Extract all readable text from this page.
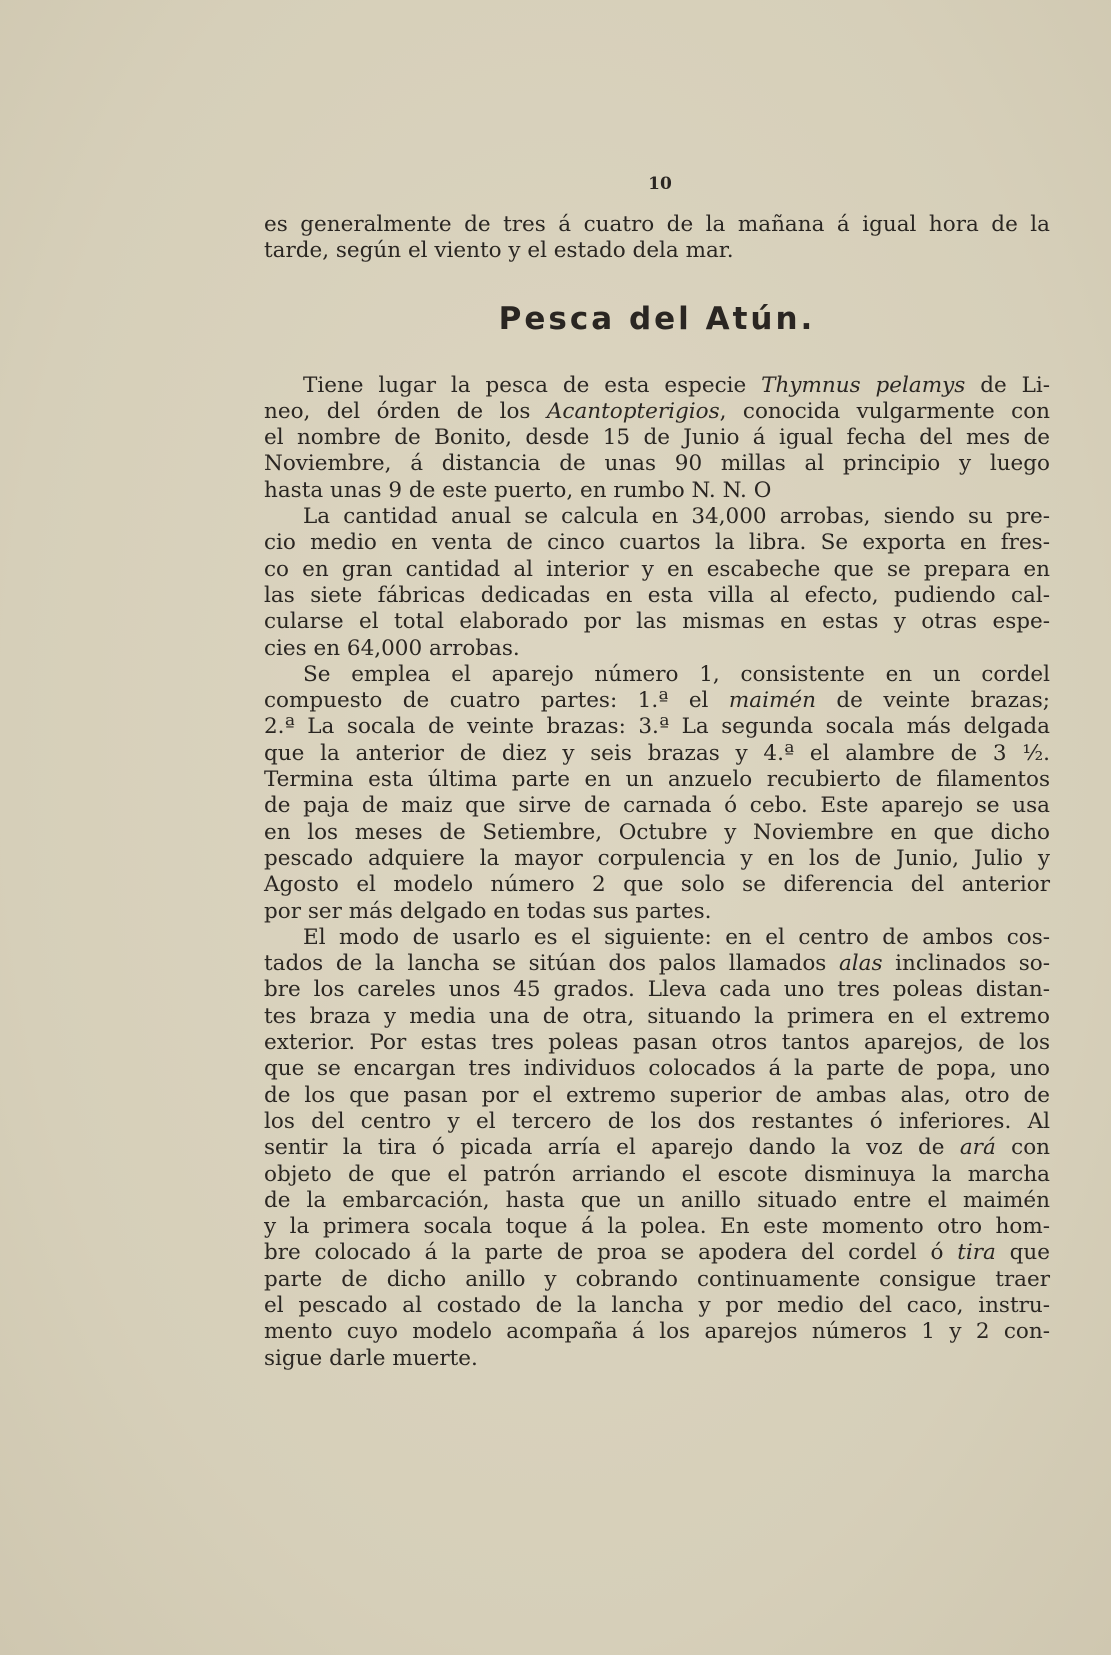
10
es generalmente de tres á cuatro de la mañana á igual hora de la
tarde, según el viento y el estado dela mar.
Pesca del Atún.
Tiene lugar la pesca de esta especie Thymnus pelamys de Li-
neo, del órden de los Acantopterigios, conocida vulgarmente con
el nombre de Bonito, desde 15 de Junio á igual fecha del mes de
Noviembre, á distancia de unas 90 millas al principio y luego
hasta unas 9 de este puerto, en rumbo N. N. O
La cantidad anual se calcula en 34,000 arrobas, siendo su pre-
cio medio en venta de cinco cuartos la libra. Se exporta en fres-
co en gran cantidad al interior y en escabeche que se prepara en
las siete fábricas dedicadas en esta villa al efecto, pudiendo cal-
cularse el total elaborado por las mismas en estas y otras espe-
cies en 64,000 arrobas.
Se emplea el aparejo número 1, consistente en un cordel
compuesto de cuatro partes: 1.ª el maimén de veinte brazas;
2.ª La socala de veinte brazas: 3.ª La segunda socala más delgada
que la anterior de diez y seis brazas y 4.ª el alambre de 3 ½.
Termina esta última parte en un anzuelo recubierto de filamentos
de paja de maiz que sirve de carnada ó cebo. Este aparejo se usa
en los meses de Setiembre, Octubre y Noviembre en que dicho
pescado adquiere la mayor corpulencia y en los de Junio, Julio y
Agosto el modelo número 2 que solo se diferencia del anterior
por ser más delgado en todas sus partes.
El modo de usarlo es el siguiente: en el centro de ambos cos-
tados de la lancha se sitúan dos palos llamados alas inclinados so-
bre los careles unos 45 grados. Lleva cada uno tres poleas distan-
tes braza y media una de otra, situando la primera en el extremo
exterior. Por estas tres poleas pasan otros tantos aparejos, de los
que se encargan tres individuos colocados á la parte de popa, uno
de los que pasan por el extremo superior de ambas alas, otro de
los del centro y el tercero de los dos restantes ó inferiores. Al
sentir la tira ó picada arría el aparejo dando la voz de ará con
objeto de que el patrón arriando el escote disminuya la marcha
de la embarcación, hasta que un anillo situado entre el maimén
y la primera socala toque á la polea. En este momento otro hom-
bre colocado á la parte de proa se apodera del cordel ó tira que
parte de dicho anillo y cobrando continuamente consigue traer
el pescado al costado de la lancha y por medio del caco, instru-
mento cuyo modelo acompaña á los aparejos números 1 y 2 con-
sigue darle muerte.
